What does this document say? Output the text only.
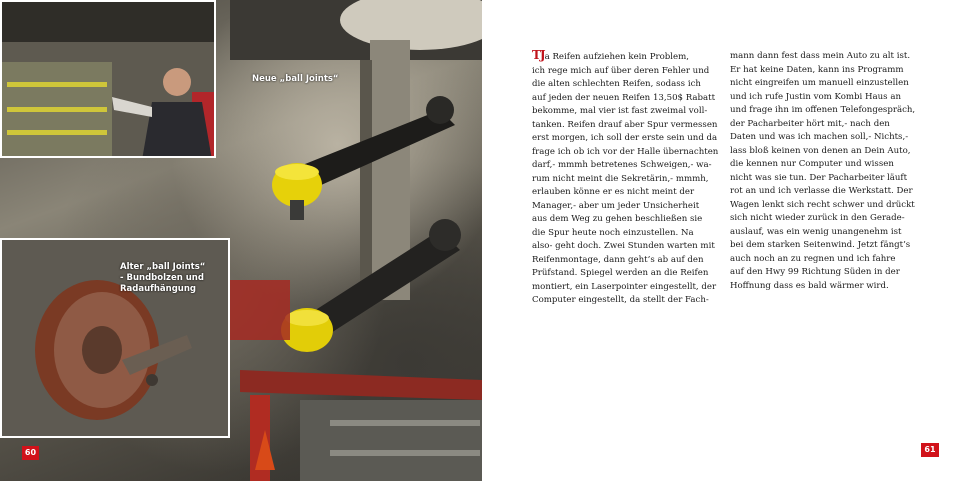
Neue „ball Joints“
Alter „ball Joints“
- Bundbolzen und
Radaufhängung
60
TJa Reifen aufziehen kein Problem,
ich rege mich auf über deren Fehler und
die alten schlechten Reifen, sodass ich
auf jeden der neuen Reifen 13,50$ Rabatt
bekomme, mal vier ist fast zweimal voll-
tanken. Reifen drauf aber Spur vermessen
erst morgen, ich soll der erste sein und da
frage ich ob ich vor der Halle übernachten
darf,- mmmh betretenes Schweigen,- wa-
rum nicht meint die Sekretärin,- mmmh,
erlauben könne er es nicht meint der
Manager,- aber um jeder Unsicherheit
aus dem Weg zu gehen beschließen sie
die Spur heute noch einzustellen. Na
also- geht doch. Zwei Stunden warten mit
Reifenmontage, dann geht’s ab auf den
Prüfstand. Spiegel werden an die Reifen
montiert, ein Laserpointer eingestellt, der
Computer eingestellt, da stellt der Fach-
mann dann fest dass mein Auto zu alt ist.
Er hat keine Daten, kann ins Programm
nicht eingreifen um manuell einzustellen
und ich rufe Justin vom Kombi Haus an
und frage ihn im offenen Telefongespräch,
der Pacharbeiter hört mit,- nach den
Daten und was ich machen soll,- Nichts,-
lass bloß keinen von denen an Dein Auto,
die kennen nur Computer und wissen
nicht was sie tun. Der Pacharbeiter läuft
rot an und ich verlasse die Werkstatt. Der
Wagen lenkt sich recht schwer und drückt
sich nicht wieder zurück in den Gerade-
auslauf, was ein wenig unangenehm ist
bei dem starken Seitenwind. Jetzt fängt’s
auch noch an zu regnen und ich fahre
auf den Hwy 99 Richtung Süden in der
Hoffnung dass es bald wärmer wird.
61
